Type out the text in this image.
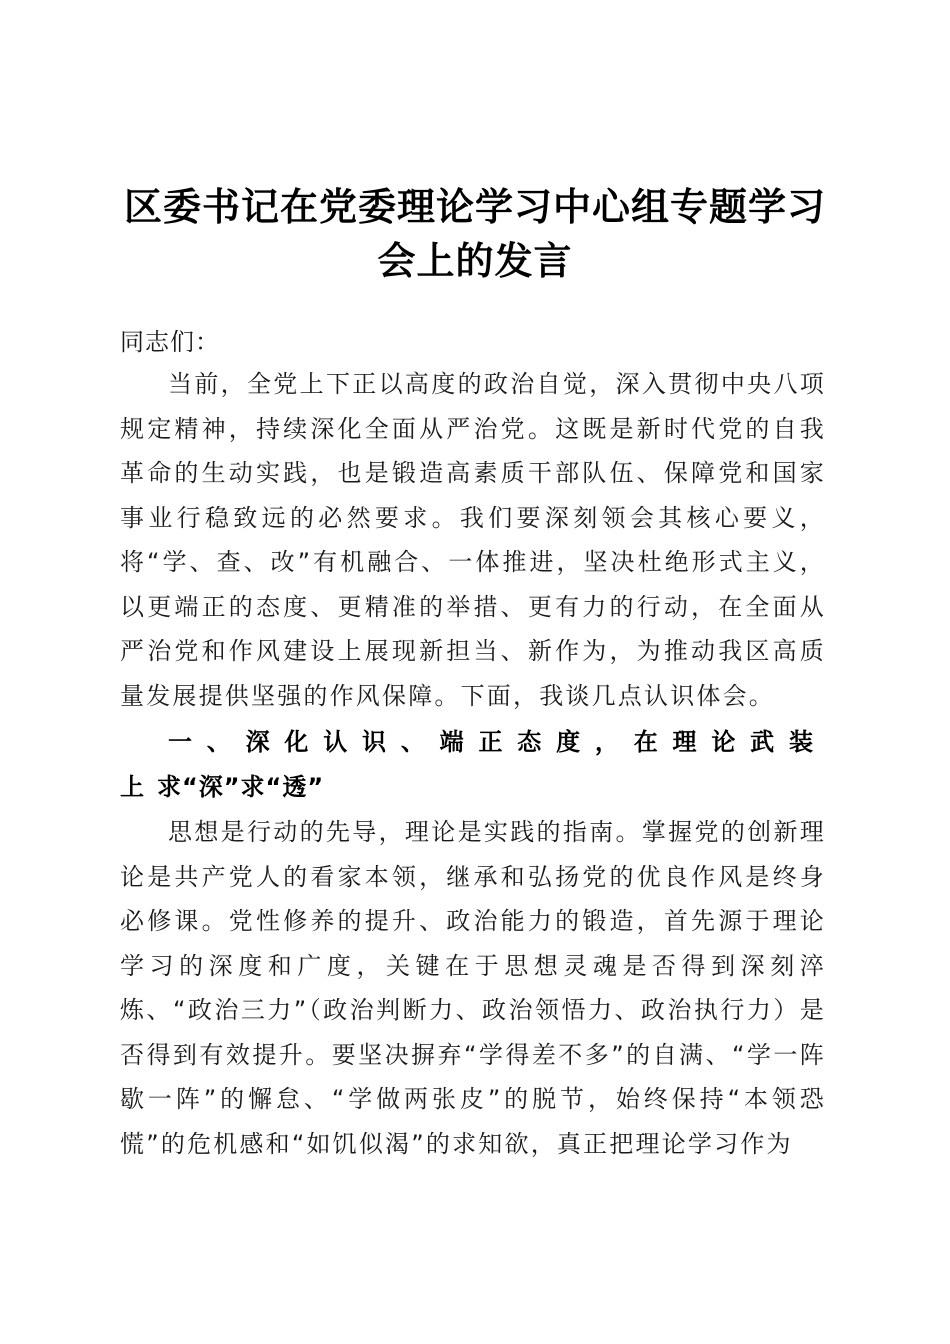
区委书记在党委理论学习中心组专题学习会上的发言
同志们：

当前，全党上下正以高度的政治自觉，深入贯彻中央八项规定精神，持续深化全面从严治党。这既是新时代党的自我革命的生动实践，也是锻造高素质干部队伍、保障党和国家事业行稳致远的必然要求。我们要深刻领会其核心要义，将“学、查、改”有机融合、一体推进，坚决杜绝形式主义，以更端正的态度、更精准的举措、更有力的行动，在全面从严治党和作风建设上展现新担当、新作为，为推动我区高质量发展提供坚强的作风保障。下面，我谈几点认识体会。

一、深化认识、端正态度，在理论武装上求“深”求“透”

思想是行动的先导，理论是实践的指南。掌握党的创新理论是共产党人的看家本领，继承和弘扬党的优良作风是终身必修课。党性修养的提升、政治能力的锻造，首先源于理论学习的深度和广度，关键在于思想灵魂是否得到深刻淬炼、“政治三力”（政治判断力、政治领悟力、政治执行力）是否得到有效提升。要坚决摒弃“学得差不多”的自满、“学一阵歇一阵”的懈怠、“学做两张皮”的脱节，始终保持“本领恐慌”的危机感和“如饥似渴”的求知欲，真正把理论学习作为
